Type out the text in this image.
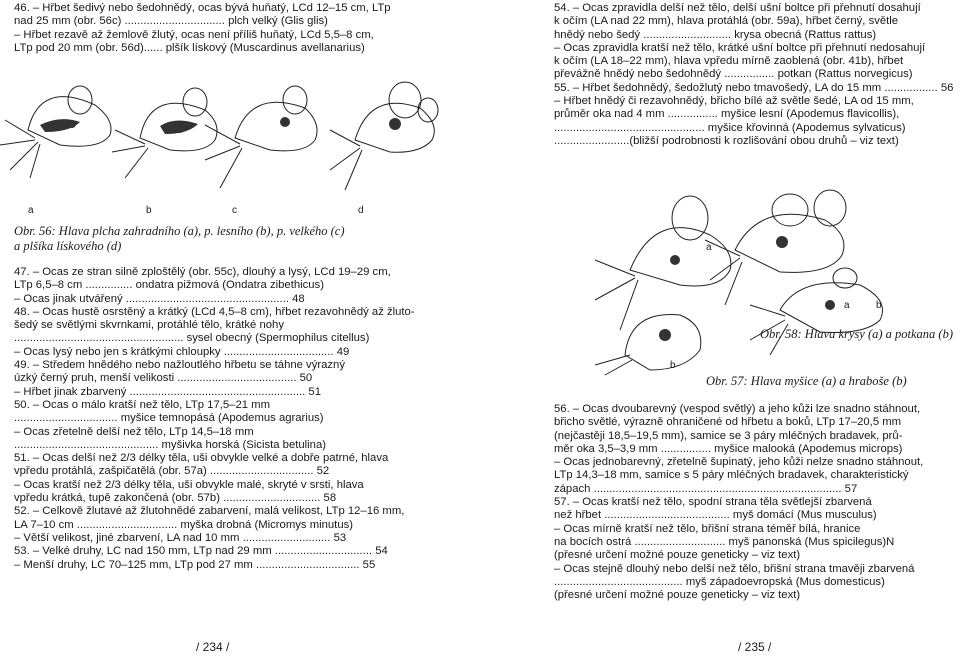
46. – Hřbet šedivý nebo šedohnědý, ocas bývá huňatý, LCd 12–15 cm, LTp
nad 25 mm (obr. 56c) ................................ plch velký (Glis glis)
– Hřbet rezavě až žemlově žlutý, ocas není příliš huňatý, LCd 5,5–8 cm,
LTp pod 20 mm (obr. 56d)...... plšík lískový (Muscardinus avellanarius)
a	b	c	d
Obr. 56: Hlava plcha zahradního (a), p. lesního (b), p. velkého (c)
a plšíka lískového (d)
47. – Ocas ze stran silně zploštělý (obr. 55c), dlouhý a lysý, LCd 19–29 cm,
LTp 6,5–8 cm ............... ondatra pižmová (Ondatra zibethicus)
– Ocas jinak utvářený .................................................... 48
48. – Ocas hustě osrstěný a krátký (LCd 4,5–8 cm), hřbet rezavohnědý až žluto-
šedý se světlými skvrnkami, protáhlé tělo, krátké nohy
...................................................... sysel obecný (Spermophilus citellus)
– Ocas lysý nebo jen s krátkými chloupky ................................... 49
49. – Středem hnědého nebo nažloutlého hřbetu se táhne výrazný
úzký černý pruh, menší velikosti ...................................... 50
– Hřbet jinak zbarvený ........................................................ 51
50. – Ocas o málo kratší než tělo, LTp 17,5–21 mm
................................. myšice temnopásá (Apodemus agrarius)
– Ocas zřetelně delší než tělo, LTp 14,5–18 mm
.............................................. myšivka horská (Sicista betulina)
51. – Ocas delší než 2/3 délky těla, uši obvykle velké a dobře patrné, hlava
vpředu protáhlá, zašpičatělá (obr. 57a) ................................. 52
– Ocas kratší než 2/3 délky těla, uši obvykle malé, skryté v srsti, hlava
vpředu krátká, tupě zakončená (obr. 57b) ............................... 58
52. – Celkově žlutavé až žlutohnědé zabarvení, malá velikost, LTp 12–16 mm,
LA 7–10 cm ................................ myška drobná (Micromys minutus)
– Větší velikost, jiné zbarvení, LA nad 10 mm ............................ 53
53. – Velké druhy, LC nad 150 mm, LTp nad 29 mm ............................... 54
– Menší druhy, LC 70–125 mm, LTp pod 27 mm ................................. 55
/ 234 /
54. – Ocas zpravidla delší než tělo, delší ušní boltce při přehnutí dosahují
k očím (LA nad 22 mm), hlava protáhlá (obr. 59a), hřbet černý, světle
hnědý nebo šedý ............................ krysa obecná (Rattus rattus)
– Ocas zpravidla kratší než tělo, krátké ušní boltce při přehnutí nedosahují
k očím (LA 18–22 mm), hlava vpředu mírně zaoblená (obr. 41b), hřbet
převážně hnědý nebo šedohnědý ................ potkan (Rattus norvegicus)
55. – Hřbet šedohnědý, šedožlutý nebo tmavošedý, LA do 15 mm ................. 56
– Hřbet hnědý či rezavohnědý, břicho bílé až světle šedé, LA od 15 mm,
průměr oka nad 4 mm ................ myšice lesní (Apodemus flavicollis),
................................................ myšice křovinná (Apodemus sylvaticus)
........................(bližší podrobnosti k rozlišování obou druhů – viz text)
a
a	b
b
Obr. 58: Hlava krysy (a) a potkana (b)
Obr. 57: Hlava myšice (a) a hraboše (b)
56. – Ocas dvoubarevný (vespod světlý) a jeho kůži lze snadno stáhnout,
břicho světlé, výrazně ohraničené od hřbetu a boků, LTp 17–20,5 mm
(nejčastěji 18,5–19,5 mm), samice se 3 páry mléčných bradavek, prů-
měr oka 3,5–3,9 mm ................ myšice malooká (Apodemus microps)
– Ocas jednobarevný, zřetelně šupinatý, jeho kůži nelze snadno stáhnout,
LTp 14,3–18 mm, samice s 5 páry mléčných bradavek, charakteristický
zápach ............................................................................... 57
57. – Ocas kratší než tělo, spodní strana těla světlejší zbarvená
než hřbet ........................................ myš domácí (Mus musculus)
– Ocas mírně kratší než tělo, břišní strana téměř bílá, hranice
na bocích ostrá ............................. myš panonská (Mus spicilegus)N
(přesné určení možné pouze geneticky – viz text)
– Ocas stejně dlouhý nebo delší než tělo, břišní strana tmavěji zbarvená
......................................... myš západoevropská (Mus domesticus)
(přesné určení možné pouze geneticky – viz text)
/ 235 /
